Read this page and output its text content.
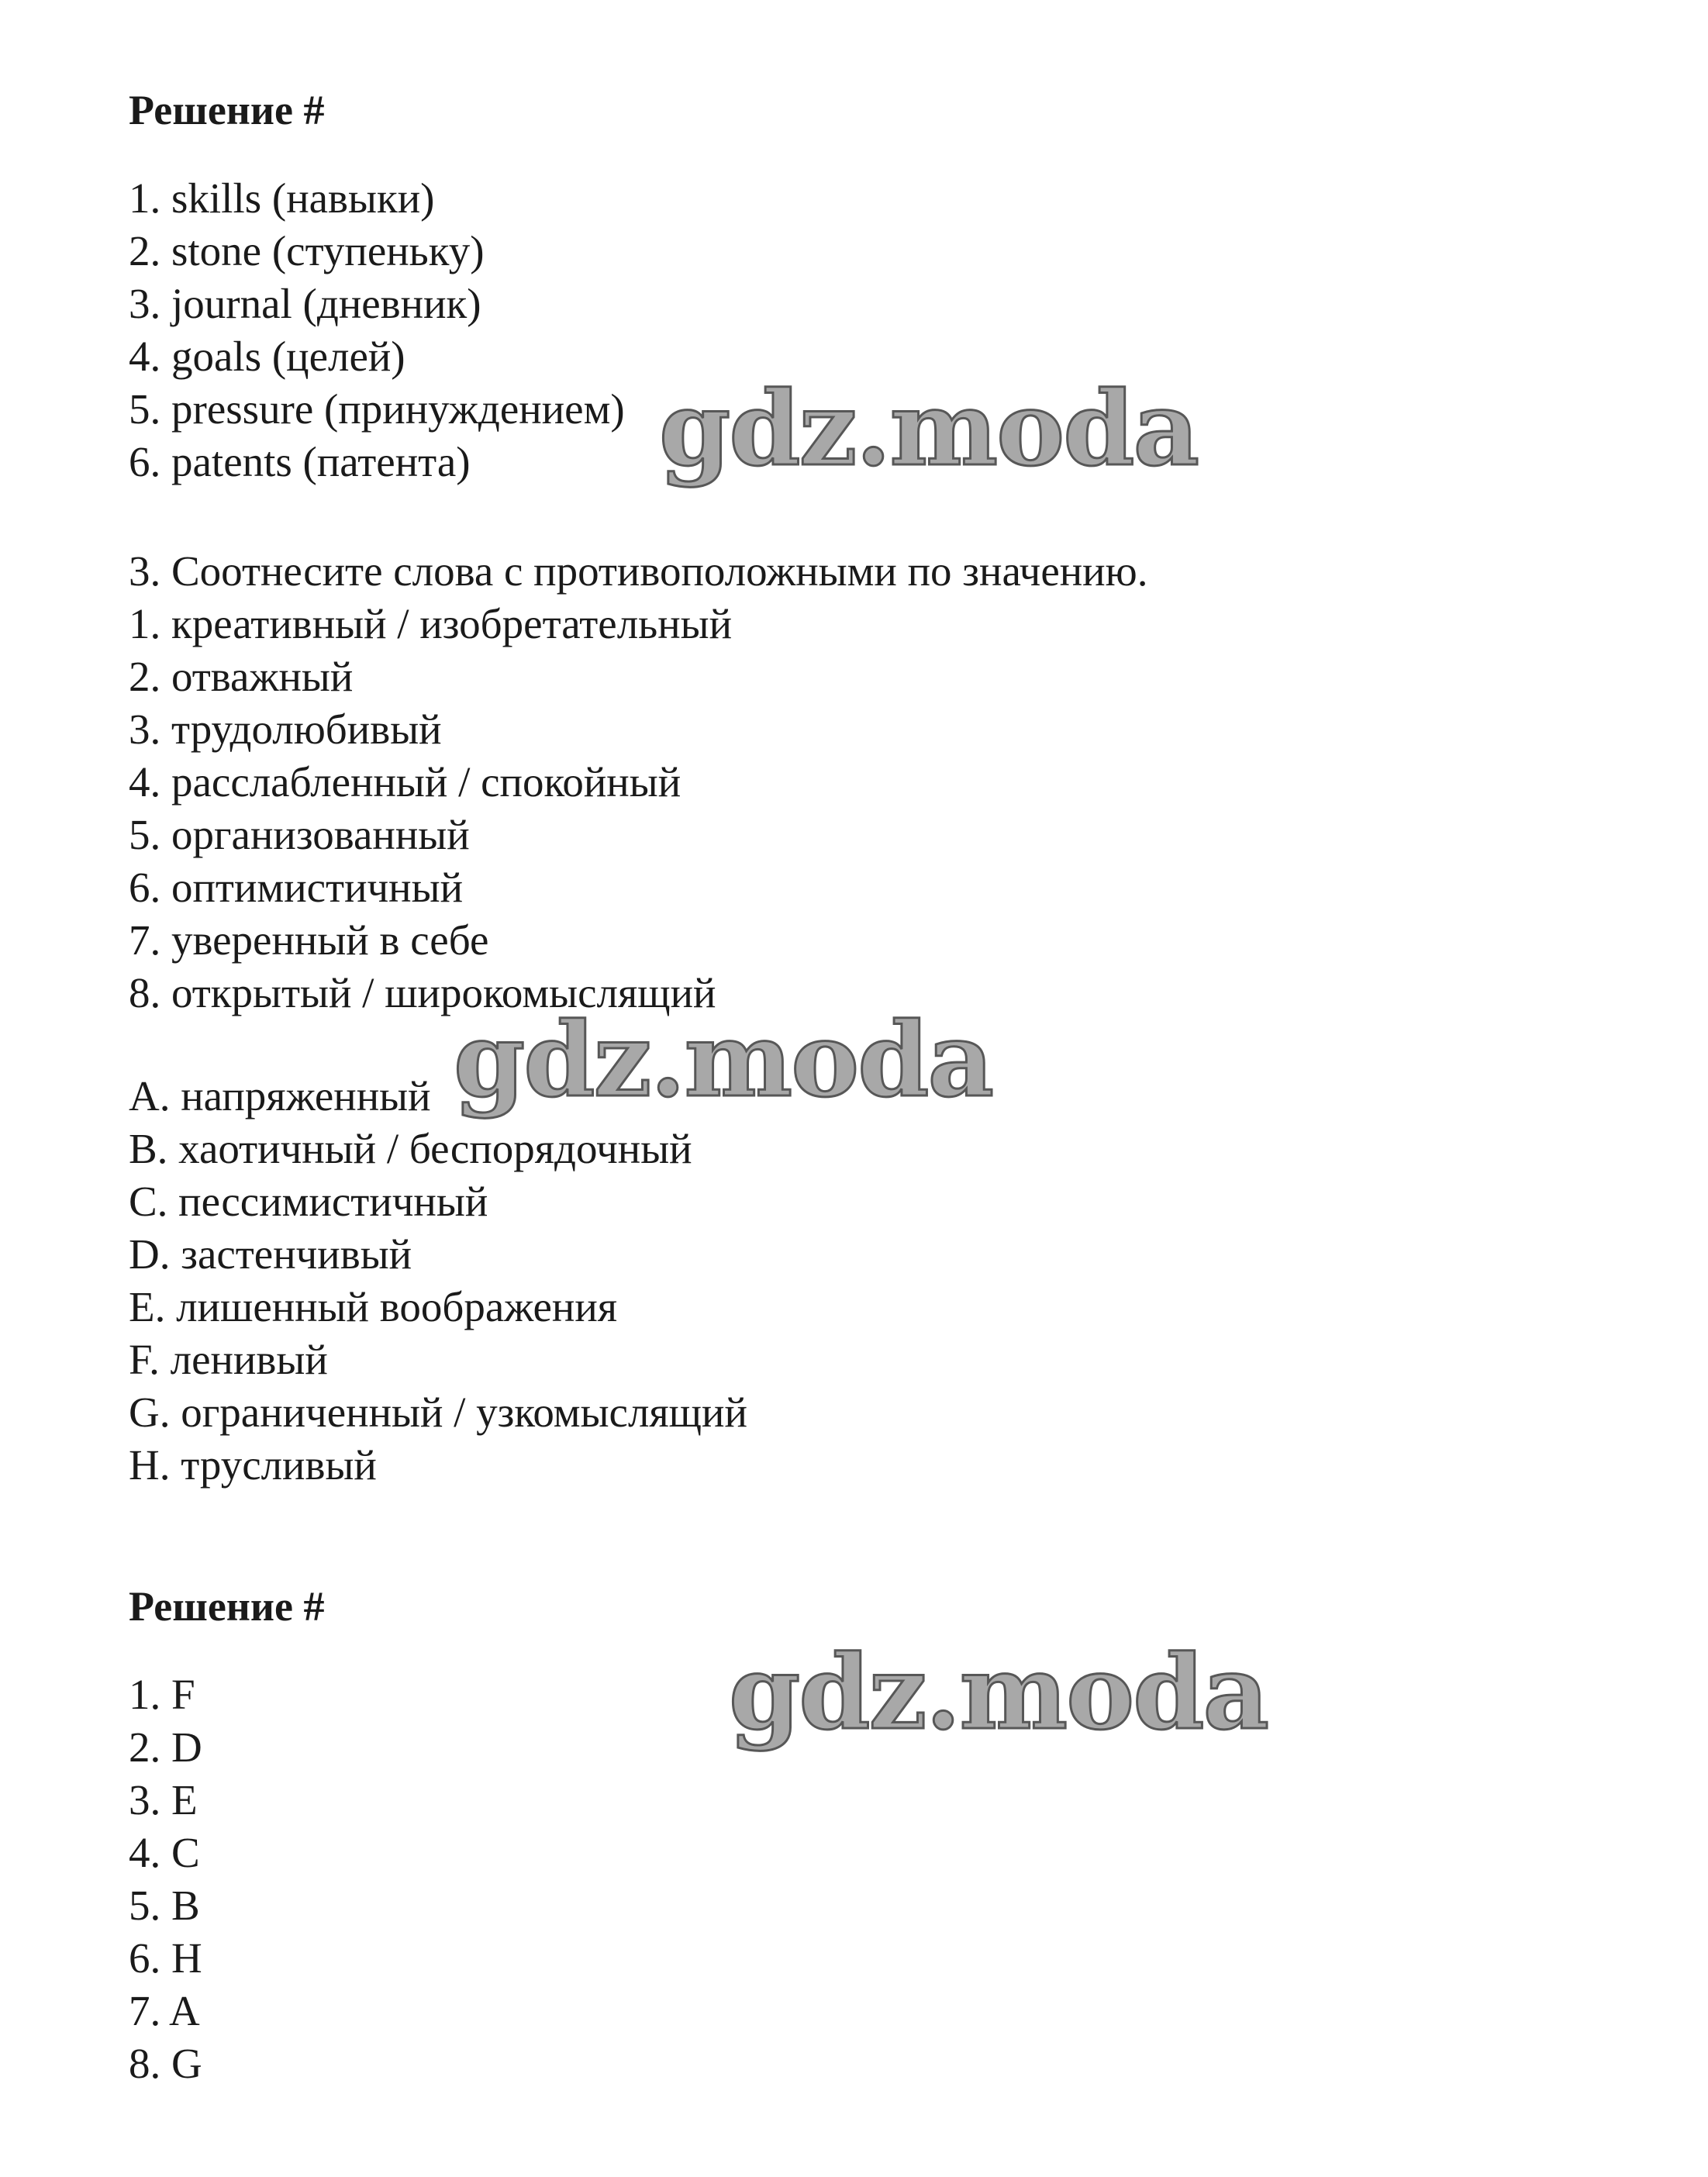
Решение #

1. skills (навыки)

2. stone (ступеньку)

3. journal (дневник)

4. goals (целей)

5. pressure (принуждением)

6. patents (патента)

3. Соотнесите слова с противоположными по значению.

1. креативный / изобретательный

2. отважный

3. трудолюбивый

4. расслабленный / спокойный

5. организованный

6. оптимистичный

7. уверенный в себе

8. открытый / широкомыслящий

A. напряженный

B. хаотичный / беспорядочный

C. пессимистичный

D. застенчивый

E. лишенный воображения

F. ленивый

G. ограниченный / узкомыслящий

H. трусливый

Решение #

1. F

2. D

3. E

4. C

5. B

6. H

7. A

8. G

gdz.moda
gdz.moda
gdz.moda
